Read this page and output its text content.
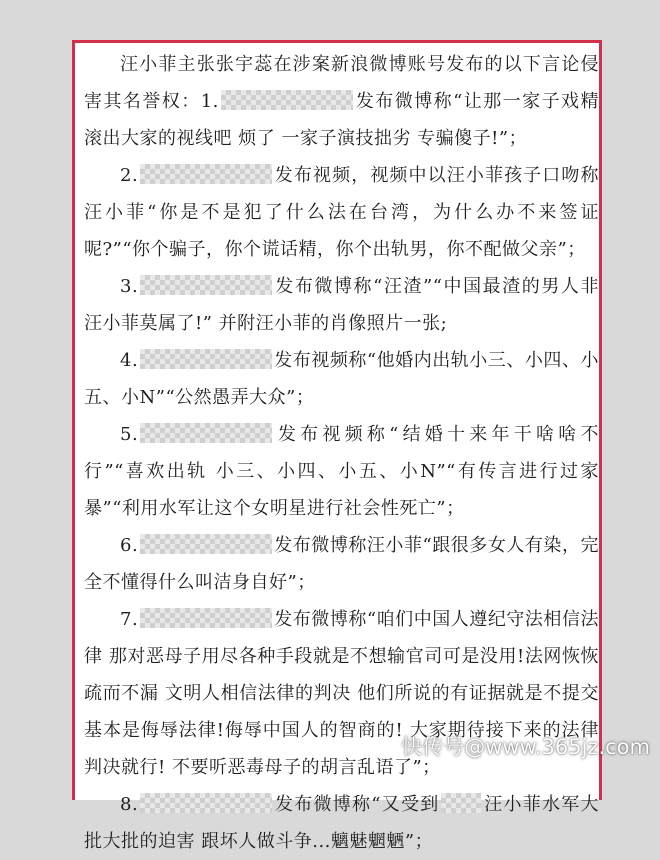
汪小菲主张张宇蕊在涉案新浪微博账号发布的以下言论侵害其名誉权：1.	发布微博称“让那一家子戏精滚出大家的视线吧 烦了 一家子演技拙劣 专骗傻子!”；

2.	发布视频，视频中以汪小菲孩子口吻称汪小菲“你是不是犯了什么法在台湾，为什么办不来签证呢?”“你个骗子，你个谎话精，你个出轨男，你不配做父亲”；

3.	发布微博称“汪渣”“中国最渣的男人非汪小菲莫属了!” 并附汪小菲的肖像照片一张;

4.	发布视频称“他婚内出轨小三、小四、小五、小N”“公然愚弄大众”；

5.	发布视频称“结婚十来年干啥啥不行”“喜欢出轨 小三、小四、小五、小N”“有传言进行过家暴”“利用水军让这个女明星进行社会性死亡”；

6.	发布微博称汪小菲“跟很多女人有染，完全不懂得什么叫洁身自好”；

7.	发布微博称“咱们中国人遵纪守法相信法律 那对恶母子用尽各种手段就是不想输官司可是没用!法网恢恢疏而不漏 文明人相信法律的判决 他们所说的有证据就是不提交基本是侮辱法律!侮辱中国人的智商的! 大家期待接下来的法律判决就行! 不要听恶毒母子的胡言乱语了”；

8.	发布微博称“又受到 汪小菲水军大批大批的迫害 跟坏人做斗争...魑魅魍魉”；

快传号@www.365jz.com
